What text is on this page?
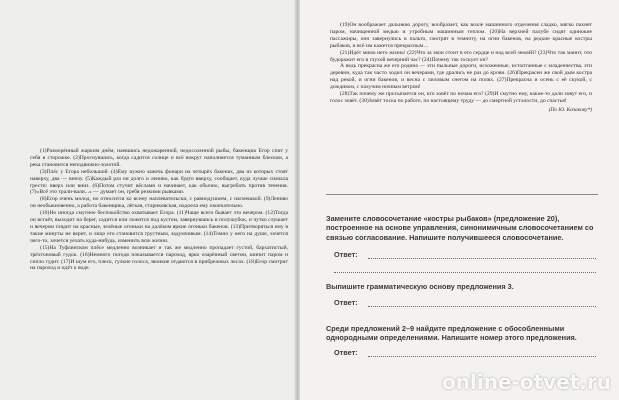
(1)Разморённый жарким днём, наевшись недожаренной, недосоленной рыбы, бакенщик Егор спит у себя в сторожке. (2)Проснувшись, когда садится солнце и всё вокруг наполняется туманным блеском, а река становится неподвижно-золотой.

(3)Плёс у Егора небольшой. (4)Ему нужно зажечь фонари на четырёх бакенах, два из которых стоят наверху, два — внизу. (5)Каждый раз он долго и лениво, как будто вверху, сообщает, куда лучше сначала грести: вверх или вниз. (6)Потом стучит вёслами и начинает, как обычно, выгребать против течения. (7)«Всё это трали-вали...» — думает он, гребя резкими рывками.

(8)Егор очень молод, но относится ко всему наплевательски, с равнодушием, с насмешкой. (9)Лениво он необыкновенно, а работа бакенщика, лёгкая, стариковская, надоела ему окончательно.

(10)Но иногда смутное беспокойство охватывает Егора. (11)Чаще всего бывает это вечером. (12)Тогда он встаёт, выходит на берег, садится или ложится под кустом, завернувшись в полушубок, и чутко слушает и вечером глядит на красные, зелёные огоньки на далёком яркие огоньки бакенов. (13)Притворяться ему в такие минуты не верит, и лицо его становится грустным, задумчивым. (14)Томно у него на душе, хочется чего-то, хочется уехать куда-нибудь, изменить всю жизни.

(15)На Туфлинском плёсе медленно возникает и так же медленно пропадает густой, бархатистый, трёхтоновый гудок. (16)Немного погодя показывается пароход, ярко озарённый светом, шипит паром и сипло гудит. (17)И шум его, плеск, гулкие голоса, звонкие отдаются в прибрежных лесах. (18)Егор смотрит на пароход и идёт к воде.

(19)Он воображает дальнюю дорогу, вообразает, как возле машинного отделения сладко, мягко пахнет паром, начищенной медью и утробным машинным теплом. (20)На верхней палубе сидят одинокие пассажиры, они завернулись в пальто, смотрят в темноту, на огни бакенов, на редкие красные костры рыбаков, и всё им кажется прекрасным…

(21)Идёт мимо него жизнь! (22)Что за звон стоит в его сердце и над всей землёй? (23)Что так манит, что будоражит его в глухой вечерний час? (24)Почему так тоскует он?

А ведь прекрасна же его родина — эти пыльные дороги, исхоженные, истоптанные с младенчества, эти деревни, куда так часто ходил он вечерами, где дрались не раз до крови. (26)Прекрасен же свой дым костра над рекой, и огни бакенов, и весна с лиловым снегом на полях. (27)Прекрасна и осень с её скукой, с дождиком, с пахучим ночным ветром!

(28)Так почему же просыпается он, кто зовёт по ночам его? (29)И смутно ему, какие-то дали зовут его, и голос зовёт. (30)Зовёт тоска по работе, по настоящему труду — до смертной усталости, до счастья!

(По Ю. Казакову*)
Замените словосочетание «костры рыбаков» (предложение 20), построенное на основе управления, синонимичным словосочетанием со связью согласование. Напишите получившееся словосочетание.
Ответ:
Выпишите грамматическую основу предложения 3.
Ответ:
Среди предложений 2–9 найдите предложение с обособленными однородными определениями. Напишите номер этого предложения.
Ответ:
online-otvet.ru
